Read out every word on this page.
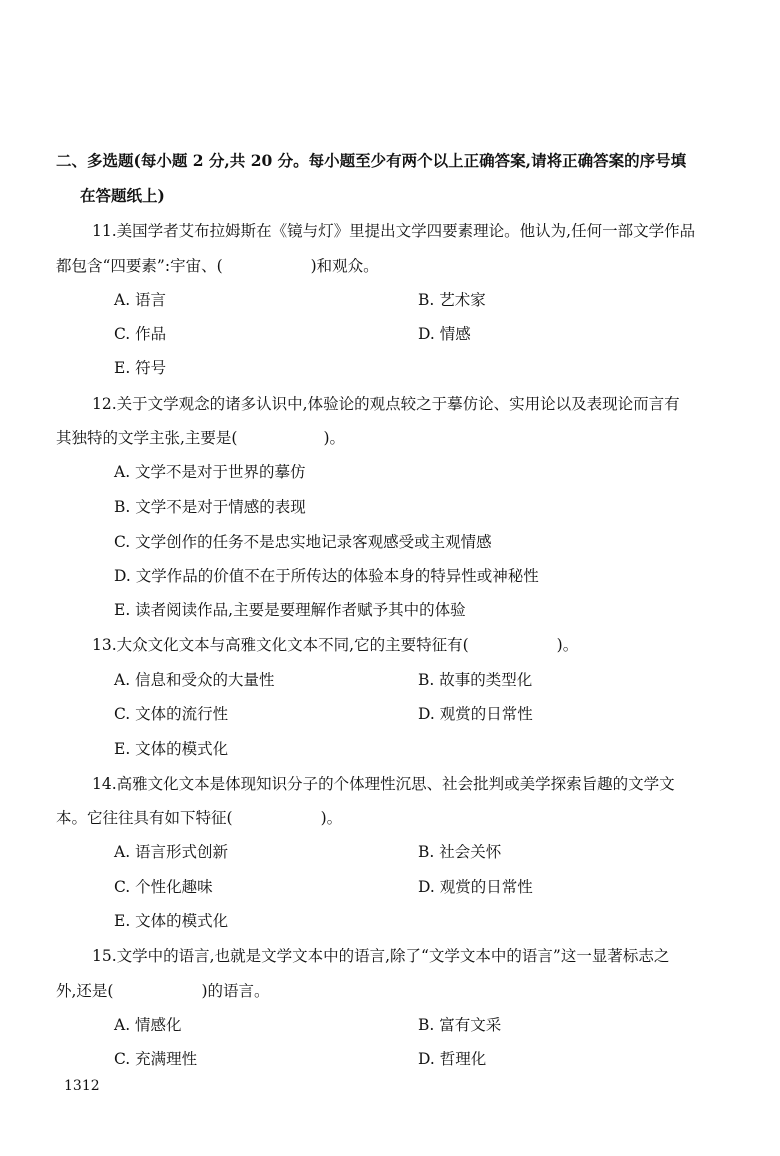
二、多选题(每小题 2 分,共 20 分。每小题至少有两个以上正确答案,请将正确答案的序号填
在答题纸上)
11.美国学者艾布拉姆斯在《镜与灯》里提出文学四要素理论。他认为,任何一部文学作品
都包含“四要素”:宇宙、(	)和观众。
A. 语言	B. 艺术家
C. 作品	D. 情感
E. 符号
12.关于文学观念的诸多认识中,体验论的观点较之于摹仿论、实用论以及表现论而言有
其独特的文学主张,主要是(	)。
A. 文学不是对于世界的摹仿
B. 文学不是对于情感的表现
C. 文学创作的任务不是忠实地记录客观感受或主观情感
D. 文学作品的价值不在于所传达的体验本身的特异性或神秘性
E. 读者阅读作品,主要是要理解作者赋予其中的体验
13.大众文化文本与高雅文化文本不同,它的主要特征有(	)。
A. 信息和受众的大量性	B. 故事的类型化
C. 文体的流行性	D. 观赏的日常性
E. 文体的模式化
14.高雅文化文本是体现知识分子的个体理性沉思、社会批判或美学探索旨趣的文学文
本。它往往具有如下特征(	)。
A. 语言形式创新	B. 社会关怀
C. 个性化趣味	D. 观赏的日常性
E. 文体的模式化
15.文学中的语言,也就是文学文本中的语言,除了“文学文本中的语言”这一显著标志之
外,还是(	)的语言。
A. 情感化	B. 富有文采
C. 充满理性	D. 哲理化
1312
